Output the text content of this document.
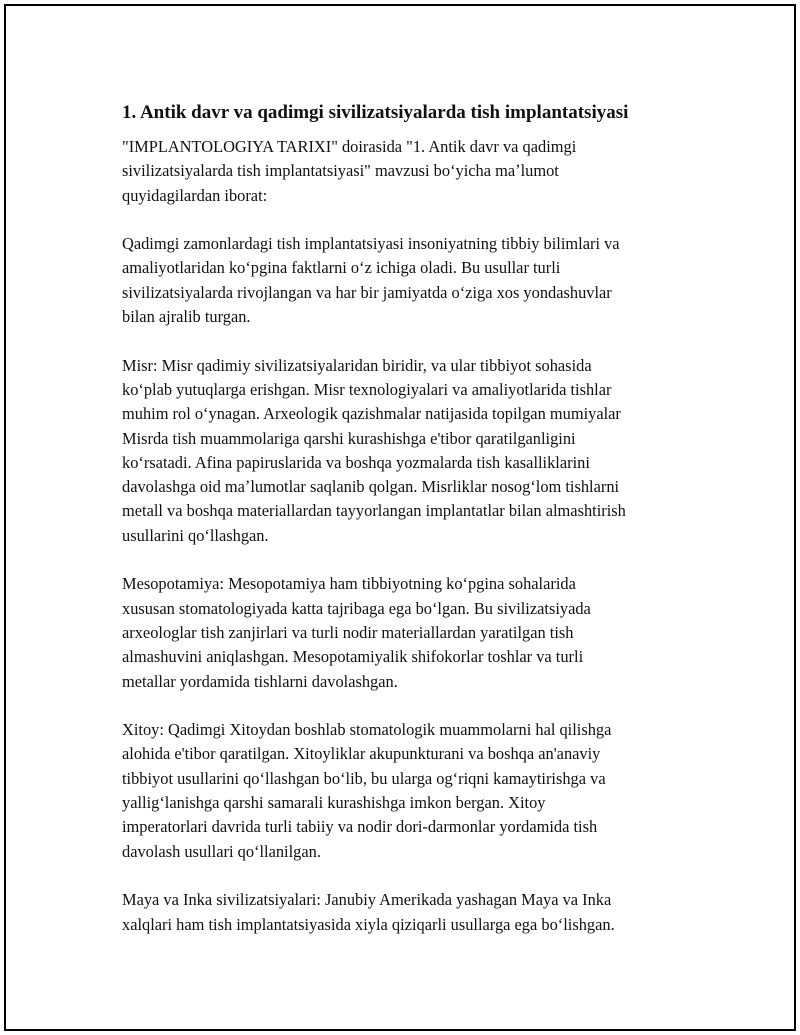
1. Antik davr va qadimgi sivilizatsiyalarda tish implantatsiyasi

"IMPLANTOLOGIYA TARIXI" doirasida "1. Antik davr va qadimgi
sivilizatsiyalarda tish implantatsiyasi" mavzusi boʻyicha maʼlumot
quyidagilardan iborat:

Qadimgi zamonlardagi tish implantatsiyasi insoniyatning tibbiy bilimlari va
amaliyotlaridan koʻpgina faktlarni oʻz ichiga oladi. Bu usullar turli
sivilizatsiyalarda rivojlangan va har bir jamiyatda oʻziga xos yondashuvlar
bilan ajralib turgan.

Misr: Misr qadimiy sivilizatsiyalaridan biridir, va ular tibbiyot sohasida
koʻplab yutuqlarga erishgan. Misr texnologiyalari va amaliyotlarida tishlar
muhim rol oʻynagan. Arxeologik qazishmalar natijasida topilgan mumiyalar
Misrda tish muammolariga qarshi kurashishga e'tibor qaratilganligini
koʻrsatadi. Afina papiruslarida va boshqa yozmalarda tish kasalliklarini
davolashga oid maʼlumotlar saqlanib qolgan. Misrliklar nosogʻlom tishlarni
metall va boshqa materiallardan tayyorlangan implantatlar bilan almashtirish
usullarini qoʻllashgan.

Mesopotamiya: Mesopotamiya ham tibbiyotning koʻpgina sohalarida
xususan stomatologiyada katta tajribaga ega boʻlgan. Bu sivilizatsiyada
arxeologlar tish zanjirlari va turli nodir materiallardan yaratilgan tish
almashuvini aniqlashgan. Mesopotamiyalik shifokorlar toshlar va turli
metallar yordamida tishlarni davolashgan.

Xitoy: Qadimgi Xitoydan boshlab stomatologik muammolarni hal qilishga
alohida e'tibor qaratilgan. Xitoyliklar akupunkturani va boshqa an'anaviy
tibbiyot usullarini qoʻllashgan boʻlib, bu ularga ogʻriqni kamaytirishga va
yalligʻlanishga qarshi samarali kurashishga imkon bergan. Xitoy
imperatorlari davrida turli tabiiy va nodir dori-darmonlar yordamida tish
davolash usullari qoʻllanilgan.

Maya va Inka sivilizatsiyalari: Janubiy Amerikada yashagan Maya va Inka
xalqlari ham tish implantatsiyasida xiyla qiziqarli usullarga ega boʻlishgan.
